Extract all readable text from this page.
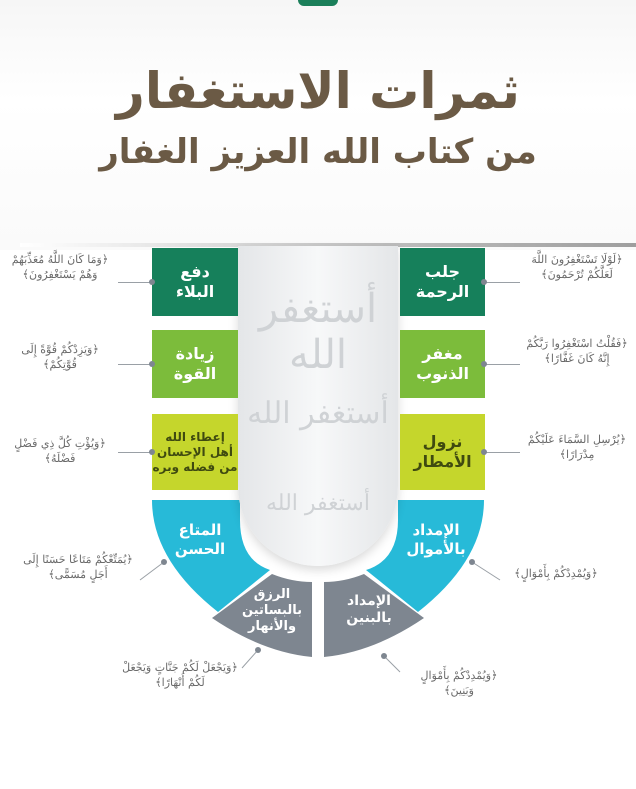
ثمرات الاستغفار
من كتاب الله العزيز الغفار
أستغفر الله
أستغفر الله
أستغفر الله
جلب
الرحمة
مغفر
الذنوب
نزول
الأمطار
دفع
البلاء
زيادة
القوة
إعطاء الله
أهل الإحسان
من فضله وبره
المتاع
الحسن
الإمداد
بالأموال
الرزق
بالبساتين
والأنهار
الإمداد
بالبنين
﴿لَوْلَا تَسْتَغْفِرُونَ اللَّهَ لَعَلَّكُمْ تُرْحَمُونَ﴾
﴿فَقُلْتُ اسْتَغْفِرُوا رَبَّكُمْ إِنَّهُ كَانَ غَفَّارًا﴾
﴿يُرْسِلِ السَّمَاءَ عَلَيْكُمْ مِدْرَارًا﴾
﴿وَيُمْدِدْكُمْ بِأَمْوَالٍ﴾
﴿وَيُمْدِدْكُمْ بِأَمْوَالٍ وَبَنِينَ﴾
﴿وَمَا كَانَ اللَّهُ مُعَذِّبَهُمْ وَهُمْ يَسْتَغْفِرُونَ﴾
﴿وَيَزِدْكُمْ قُوَّةً إِلَى قُوَّتِكُمْ﴾
﴿وَيُؤْتِ كُلَّ ذِي فَضْلٍ فَضْلَهُ﴾
﴿يُمَتِّعْكُمْ مَتَاعًا حَسَنًا إِلَى أَجَلٍ مُسَمًّى﴾
﴿وَيَجْعَلْ لَكُمْ جَنَّاتٍ وَيَجْعَلْ لَكُمْ أَنْهَارًا﴾
